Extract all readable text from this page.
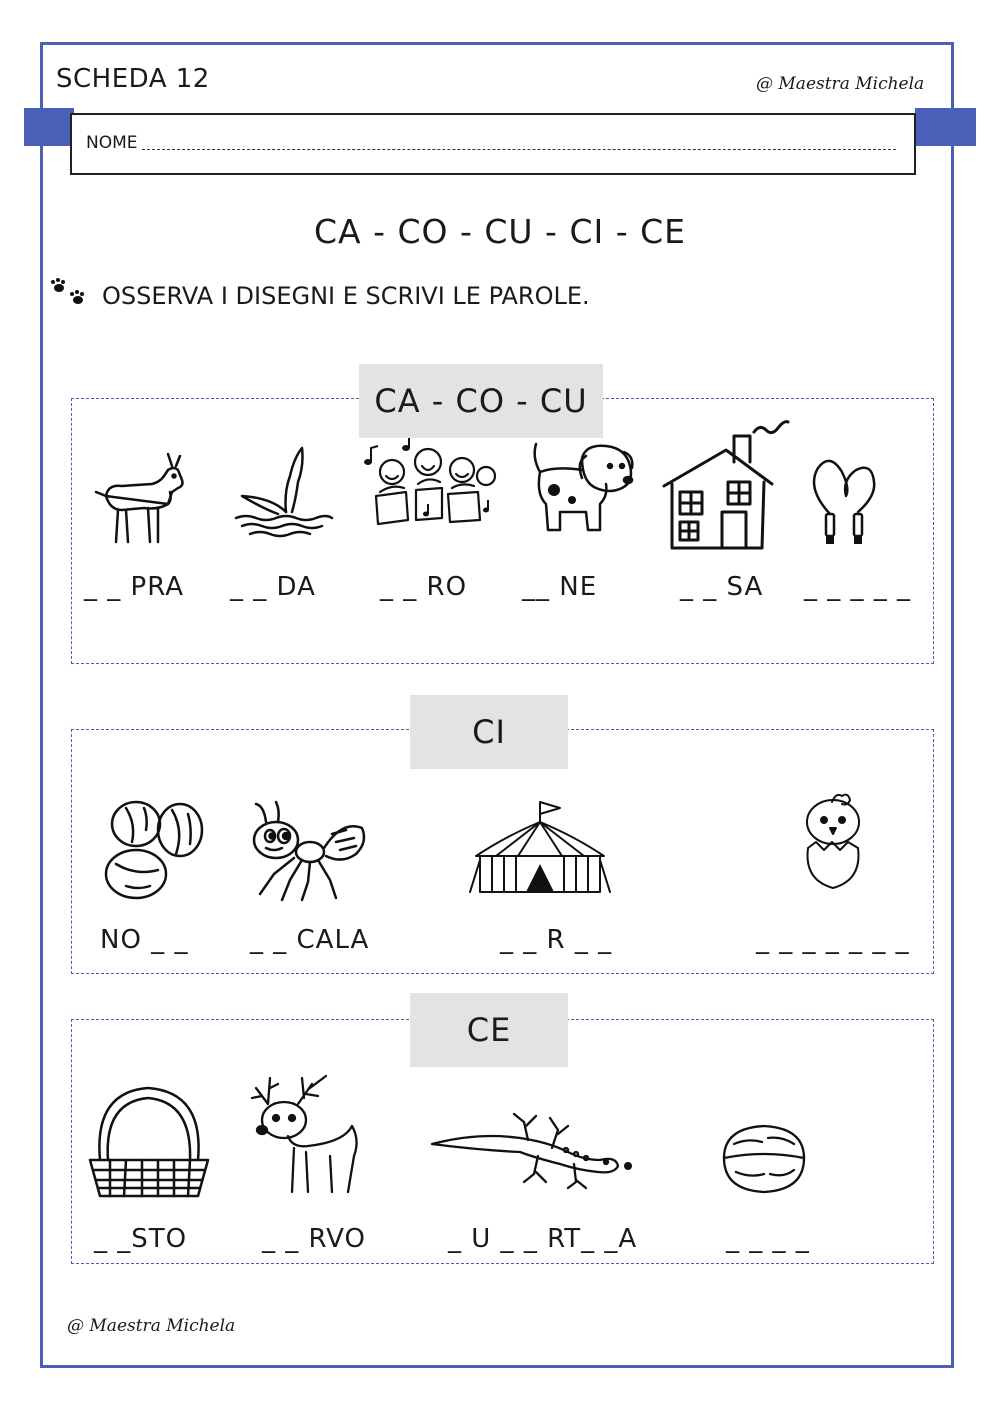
SCHEDA 12	@ Maestra Michela
NOME
CA - CO - CU - CI - CE
OSSERVA I DISEGNI E SCRIVI LE PAROLE.
CA - CO - CU
_ _ PRA _ _ DA _ _ RO __ NE	_ _ SA _ _ _ _ _
CI
NO _ _ _ _ CALA	_ _ R _ _	_ _ _ _ _ _ _
CE
_ _STO	_ _ RVO	_ U _ _ RT_ _A	_ _ _ _
@ Maestra Michela
